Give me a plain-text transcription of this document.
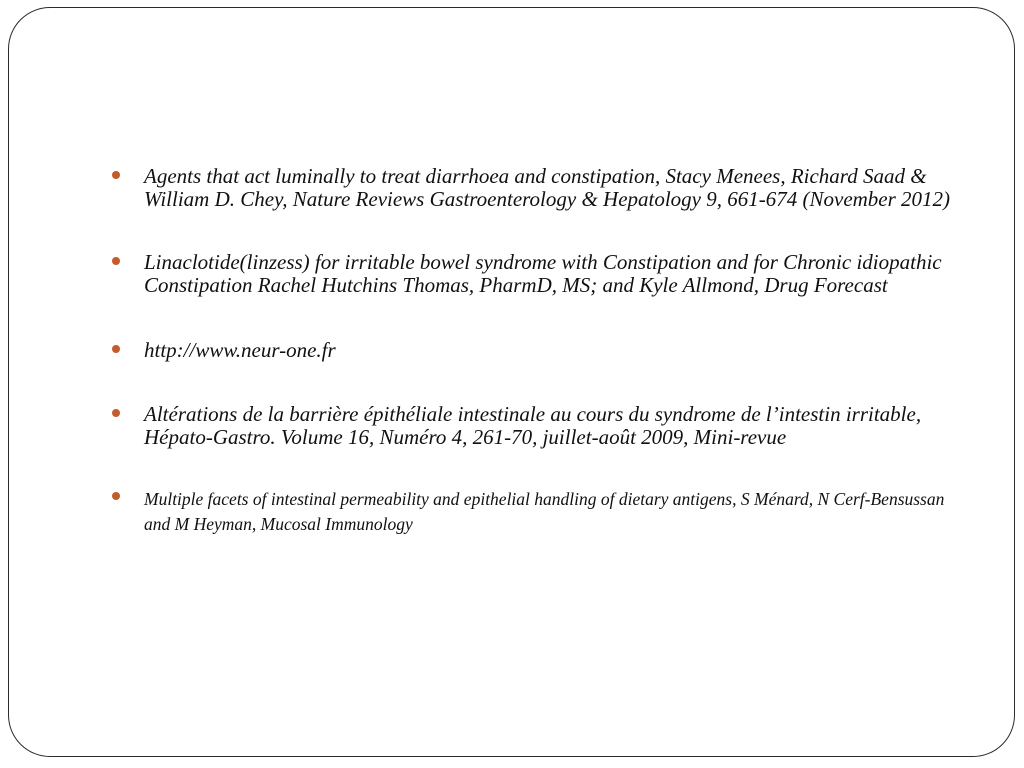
Agents that act luminally to treat diarrhoea and constipation, Stacy Menees, Richard Saad & William D. Chey, Nature Reviews Gastroenterology & Hepatology 9, 661-674 (November 2012)
Linaclotide(linzess) for irritable bowel syndrome with Constipation and for Chronic idiopathic Constipation Rachel Hutchins Thomas, PharmD, MS; and Kyle Allmond, Drug Forecast
http://www.neur-one.fr
Altérations de la barrière épithéliale intestinale au cours du syndrome de l’intestin irritable, Hépato-Gastro. Volume 16, Numéro 4, 261-70, juillet-août 2009, Mini-revue
Multiple facets of intestinal permeability and epithelial handling of dietary antigens, S Ménard, N Cerf-Bensussan and M Heyman, Mucosal Immunology
